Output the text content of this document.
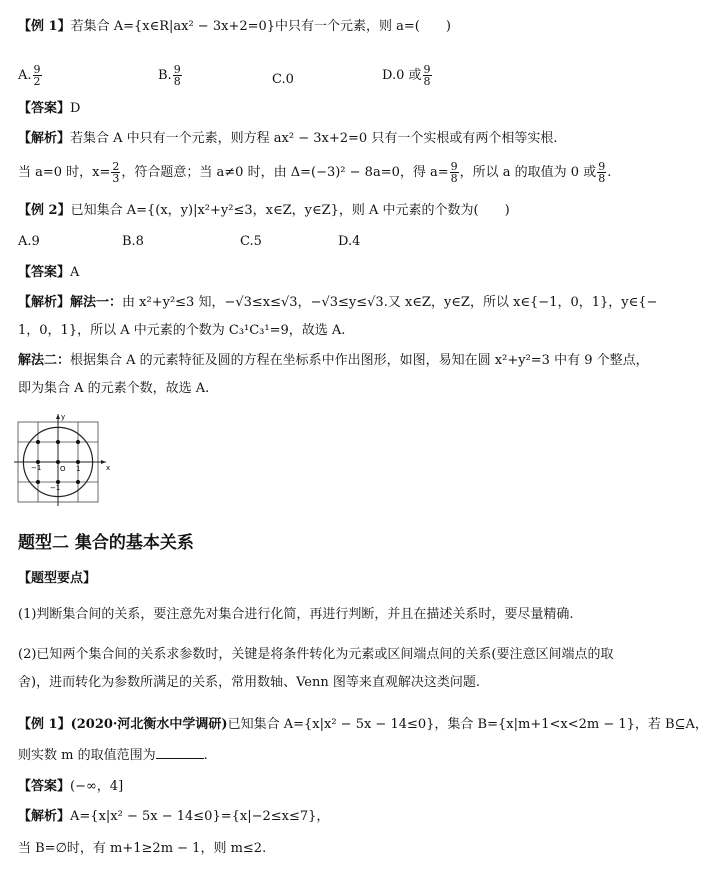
【例 1】若集合 A={x∈R|ax² − 3x+2=0}中只有一个元素，则 a=(　　)
A. $\frac{9}{2}$	B. $\frac{9}{8}$	C.0	D.0 或 $\frac{9}{8}$
【答案】D
【解析】若集合 A 中只有一个元素，则方程 ax² − 3x+2=0 只有一个实根或有两个相等实根.
当 a=0 时，$x= \frac{2}{3}$ ，符合题意；当 a≠0 时，由 Δ=(−3)² − 8a=0，得 $a= \frac{9}{8}$ ，所以 a 的取值为 0 或 $\frac{9}{8}$ .
【例 2】已知集合 A={(x，y)|x²+y²≤3，x∈Z，y∈Z}，则 A 中元素的个数为(　　)
A.9	B.8	C.5	D.4
【答案】A
【解析】解法一：由 x²+y²≤3 知，−√3≤x≤√3，−√3≤y≤√3.又 x∈Z，y∈Z，所以 x∈{−1，0，1}，y∈{−
1，0，1}，所以 A 中元素的个数为 C₃¹C₃¹=9，故选 A.
解法二：根据集合 A 的元素特征及圆的方程在坐标系中作出图形，如图，易知在圆 x²+y²=3 中有 9 个整点，
即为集合 A 的元素个数，故选 A.
y
x
O
−1	1
−1
题型二 集合的基本关系
【题型要点】
(1)判断集合间的关系，要注意先对集合进行化简，再进行判断，并且在描述关系时，要尽量精确.
(2)已知两个集合间的关系求参数时，关键是将条件转化为元素或区间端点间的关系(要注意区间端点的取
舍)，进而转化为参数所满足的关系，常用数轴、Venn 图等来直观解决这类问题.
【例 1】(2020·河北衡水中学调研)已知集合 A={x|x² − 5x − 14≤0}，集合 B={x|m+1<x<2m − 1}，若 B⊆A，
则实数 m 的取值范围为	.
【答案】(−∞，4]
【解析】A={x|x² − 5x − 14≤0}={x|−2≤x≤7}，
当 B=∅时，有 m+1≥2m − 1，则 m≤2.
